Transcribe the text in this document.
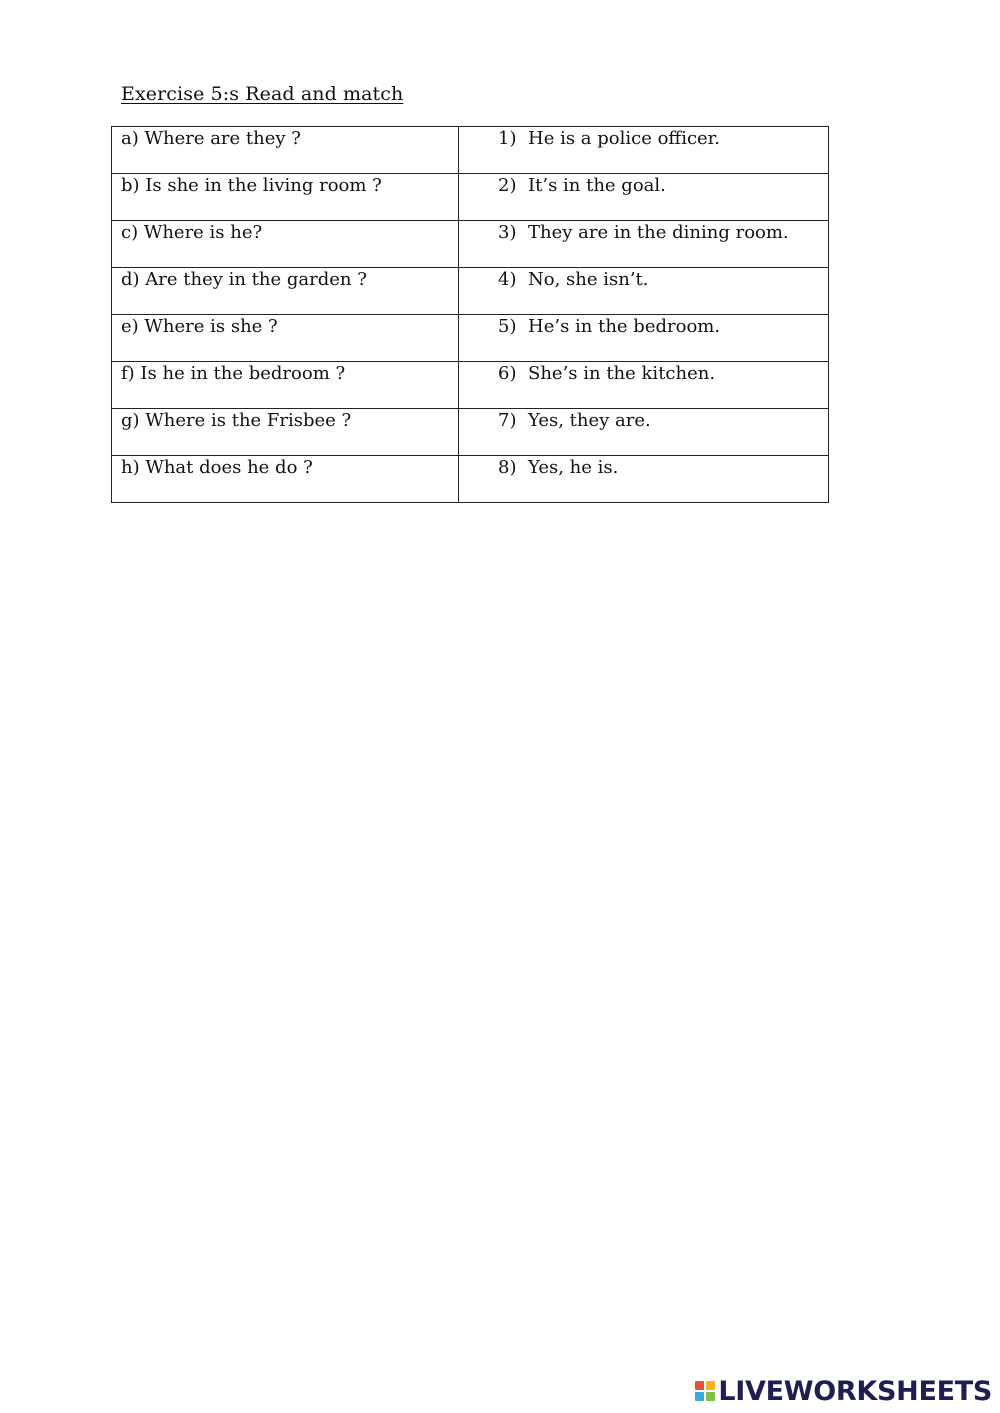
Exercise 5:s Read and match
a) Where are they ?	1) He is a police officer.
b) Is she in the living room ?	2) It’s in the goal.
c) Where is he?	3) They are in the dining room.
d) Are they in the garden ?	4) No, she isn’t.
e) Where is she ?	5) He’s in the bedroom.
f) Is he in the bedroom ?	6) She’s in the kitchen.
g) Where is the Frisbee ?	7) Yes, they are.
h) What does he do ?	8) Yes, he is.
LIVEWORKSHEETS
